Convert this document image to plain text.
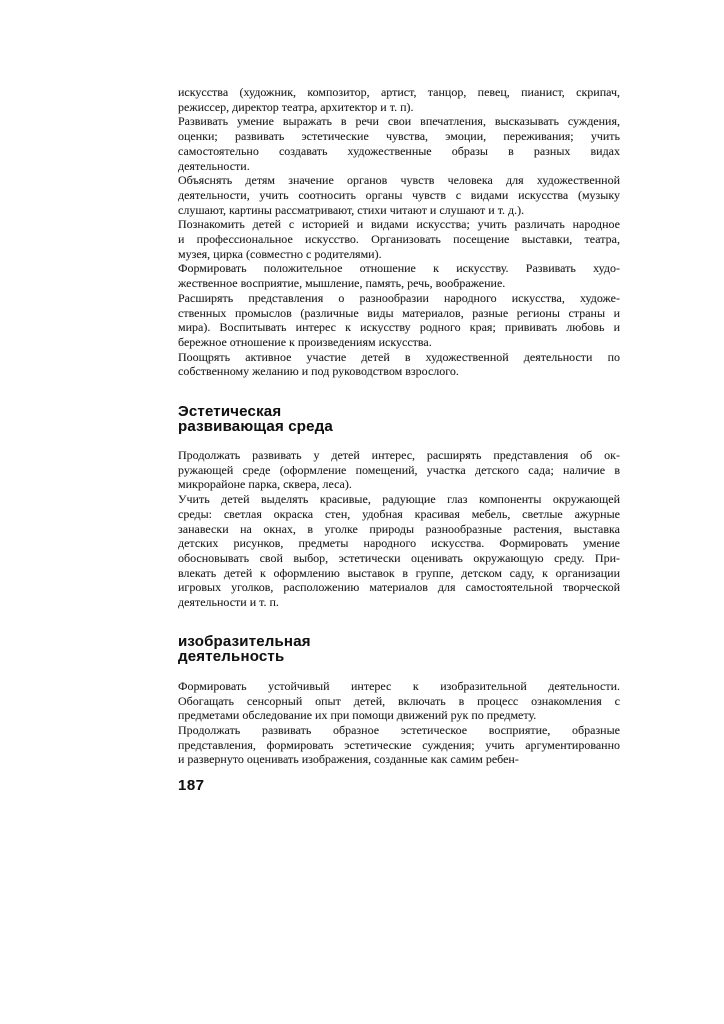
искусства (художник, композитор, артист, танцор, певец, пианист, скрипач,
режиссер, директор театра, архитектор и т. п).

Развивать умение выражать в речи свои впечатления, высказывать суждения,
оценки; развивать эстетические чувства, эмоции, переживания; учить
самостоятельно создавать художественные образы в разных видах
деятельности.

Объяснять детям значение органов чувств человека для художественной
деятельности, учить соотносить органы чувств с видами искусства (музыку
слушают, картины рассматривают, стихи читают и слушают и т. д.).

Познакомить детей с историей и видами искусства; учить различать народное
и профессиональное искусство. Организовать посещение выставки, театра,
музея, цирка (совместно с родителями).

Формировать положительное отношение к искусству. Развивать худо-
жественное восприятие, мышление, память, речь, воображение.

Расширять представления о разнообразии народного искусства, художе-
ственных промыслов (различные виды материалов, разные регионы страны и
мира). Воспитывать интерес к искусству родного края; прививать любовь и
бережное отношение к произведениям искусства.

Поощрять активное участие детей в художественной деятельности по
собственному желанию и под руководством взрослого.

Эстетическая
развивающая среда

Продолжать развивать у детей интерес, расширять представления об ок-
ружающей среде (оформление помещений, участка детского сада; наличие в
микрорайоне парка, сквера, леса).

Учить детей выделять красивые, радующие глаз компоненты окружающей
среды: светлая окраска стен, удобная красивая мебель, светлые ажурные
занавески на окнах, в уголке природы разнообразные растения, выставка
детских рисунков, предметы народного искусства. Формировать умение
обосновывать свой выбор, эстетически оценивать окружающую среду. При-
влекать детей к оформлению выставок в группе, детском саду, к организации
игровых уголков, расположению материалов для самостоятельной творческой
деятельности и т. п.

изобразительная
деятельность

Формировать устойчивый интерес к изобразительной деятельности.
Обогащать сенсорный опыт детей, включать в процесс ознакомления с
предметами обследование их при помощи движений рук по предмету.

Продолжать развивать образное эстетическое восприятие, образные
представления, формировать эстетические суждения; учить аргументированно
и развернуто оценивать изображения, созданные как самим ребен-

187
